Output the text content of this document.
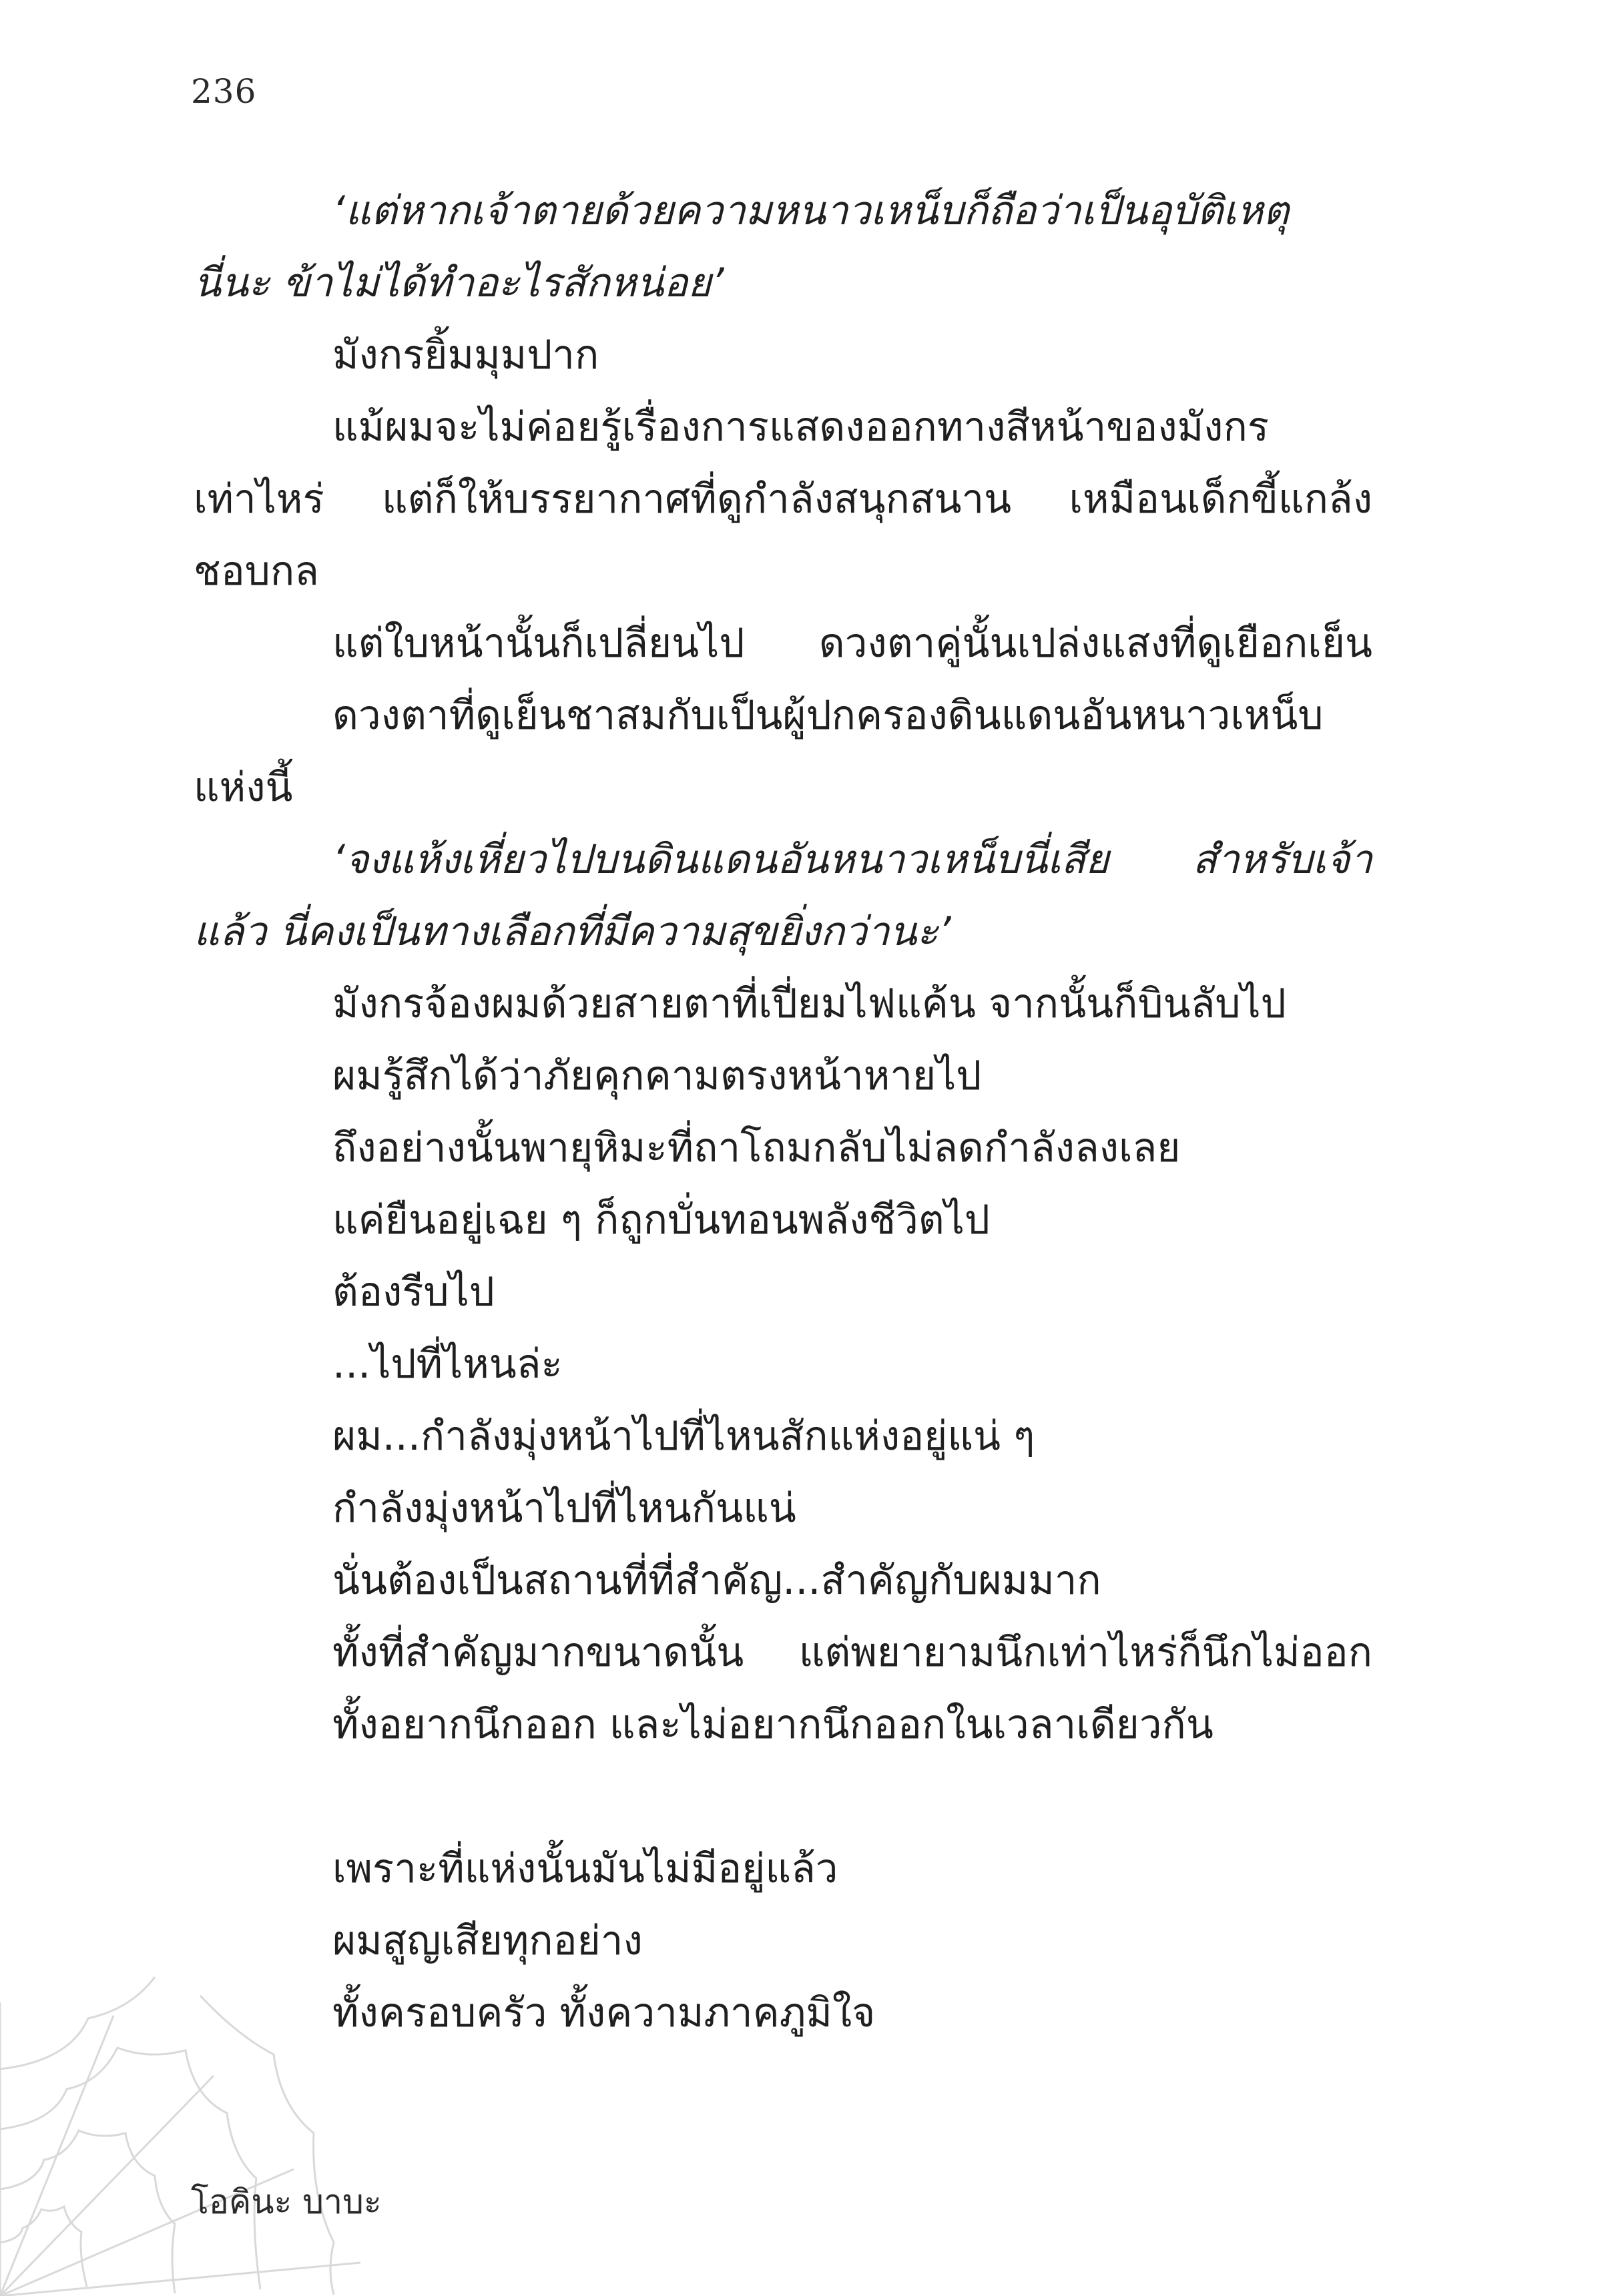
236
‘แต่หากเจ้าตายด้วยความหนาวเหน็บก็ถือว่าเป็นอุบัติเหตุ
นี่นะ ข้าไม่ได้ทำอะไรสักหน่อย’
มังกรยิ้มมุมปาก
แม้ผมจะไม่ค่อยรู้เรื่องการแสดงออกทางสีหน้าของมังกร
เท่าไหร่ แต่ก็ให้บรรยากาศที่ดูกำลังสนุกสนาน เหมือนเด็กขี้แกล้ง
ชอบกล
แต่ใบหน้านั้นก็เปลี่ยนไป ดวงตาคู่นั้นเปล่งแสงที่ดูเยือกเย็น
ดวงตาที่ดูเย็นชาสมกับเป็นผู้ปกครองดินแดนอันหนาวเหน็บ
แห่งนี้
‘จงแห้งเหี่ยวไปบนดินแดนอันหนาวเหน็บนี่เสีย สำหรับเจ้า
แล้ว นี่คงเป็นทางเลือกที่มีความสุขยิ่งกว่านะ’
มังกรจ้องผมด้วยสายตาที่เปี่ยมไฟแค้น จากนั้นก็บินลับไป
ผมรู้สึกได้ว่าภัยคุกคามตรงหน้าหายไป
ถึงอย่างนั้นพายุหิมะที่ถาโถมกลับไม่ลดกำลังลงเลย
แค่ยืนอยู่เฉย ๆ ก็ถูกบั่นทอนพลังชีวิตไป
ต้องรีบไป
...ไปที่ไหนล่ะ
ผม...กำลังมุ่งหน้าไปที่ไหนสักแห่งอยู่แน่ ๆ
กำลังมุ่งหน้าไปที่ไหนกันแน่
นั่นต้องเป็นสถานที่ที่สำคัญ...สำคัญกับผมมาก
ทั้งที่สำคัญมากขนาดนั้น แต่พยายามนึกเท่าไหร่ก็นึกไม่ออก
ทั้งอยากนึกออก และไม่อยากนึกออกในเวลาเดียวกัน
เพราะที่แห่งนั้นมันไม่มีอยู่แล้ว
ผมสูญเสียทุกอย่าง
ทั้งครอบครัว ทั้งความภาคภูมิใจ
โอคินะ บาบะ
